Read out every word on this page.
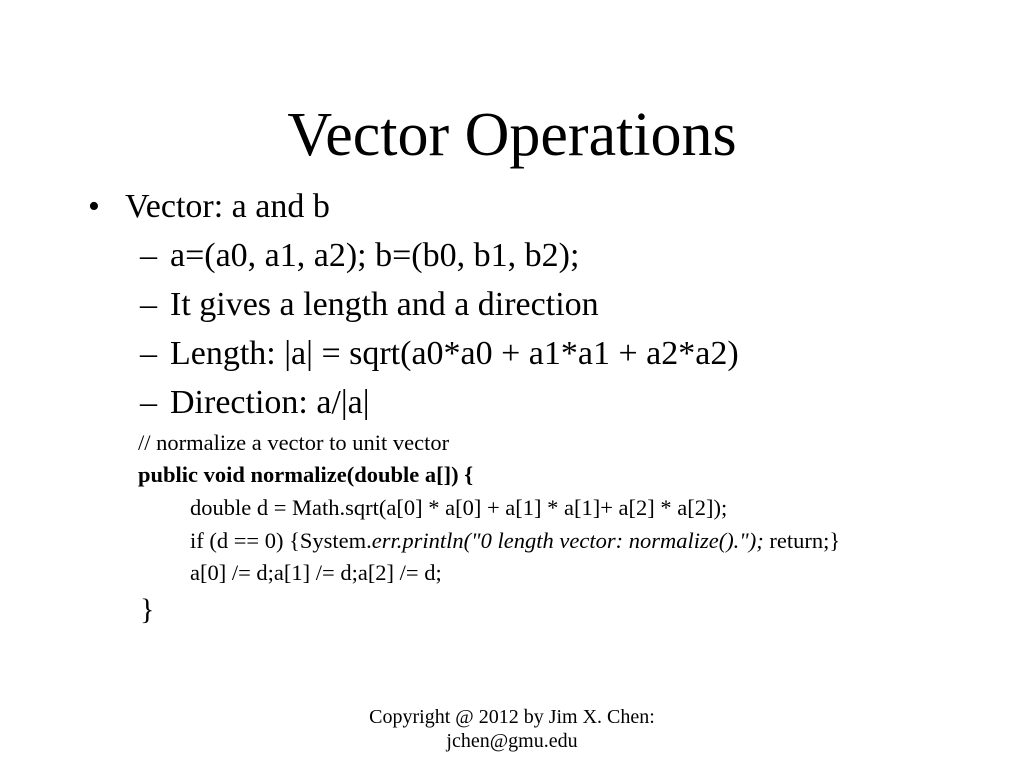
Vector Operations
• Vector: a and b
– a=(a0, a1, a2); b=(b0, b1, b2);
– It gives a length and a direction
– Length: |a| = sqrt(a0*a0 + a1*a1 + a2*a2)
– Direction: a/|a|
// normalize a vector to unit vector
public void normalize(double a[]) {
double d = Math.sqrt(a[0] * a[0] + a[1] * a[1]+ a[2] * a[2]);
if (d == 0) {System.err.println("0 length vector: normalize()."); return;}
a[0] /= d;a[1] /= d;a[2] /= d;
}
Copyright @ 2012 by Jim X. Chen:
jchen@gmu.edu
